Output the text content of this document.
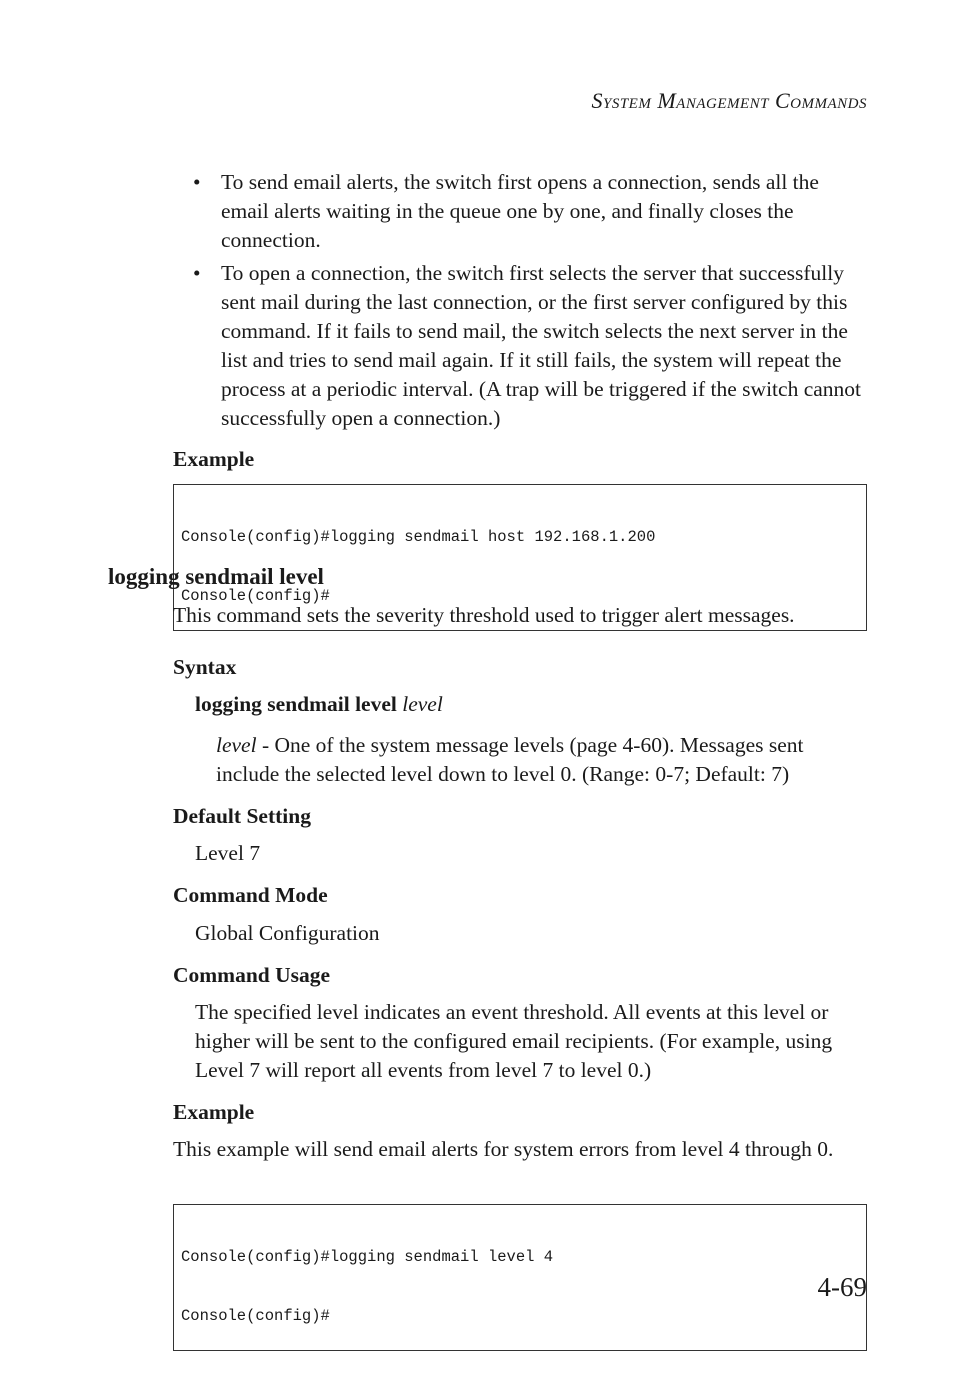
System Management Commands
• To send email alerts, the switch first opens a connection, sends all the email alerts waiting in the queue one by one, and finally closes the connection.
• To open a connection, the switch first selects the server that successfully sent mail during the last connection, or the first server configured by this command. If it fails to send mail, the switch selects the next server in the list and tries to send mail again. If it still fails, the system will repeat the process at a periodic interval. (A trap will be triggered if the switch cannot successfully open a connection.)
Example

Console(config)#logging sendmail host 192.168.1.200

Console(config)#

logging sendmail level
This command sets the severity threshold used to trigger alert messages.
Syntax
logging sendmail level level
level - One of the system message levels (page 4-60). Messages sent include the selected level down to level 0. (Range: 0-7; Default: 7)
Default Setting
Level 7
Command Mode
Global Configuration
Command Usage
The specified level indicates an event threshold. All events at this level or higher will be sent to the configured email recipients. (For example, using Level 7 will report all events from level 7 to level 0.)
Example
This example will send email alerts for system errors from level 4 through 0.

Console(config)#logging sendmail level 4

Console(config)#

4-69
